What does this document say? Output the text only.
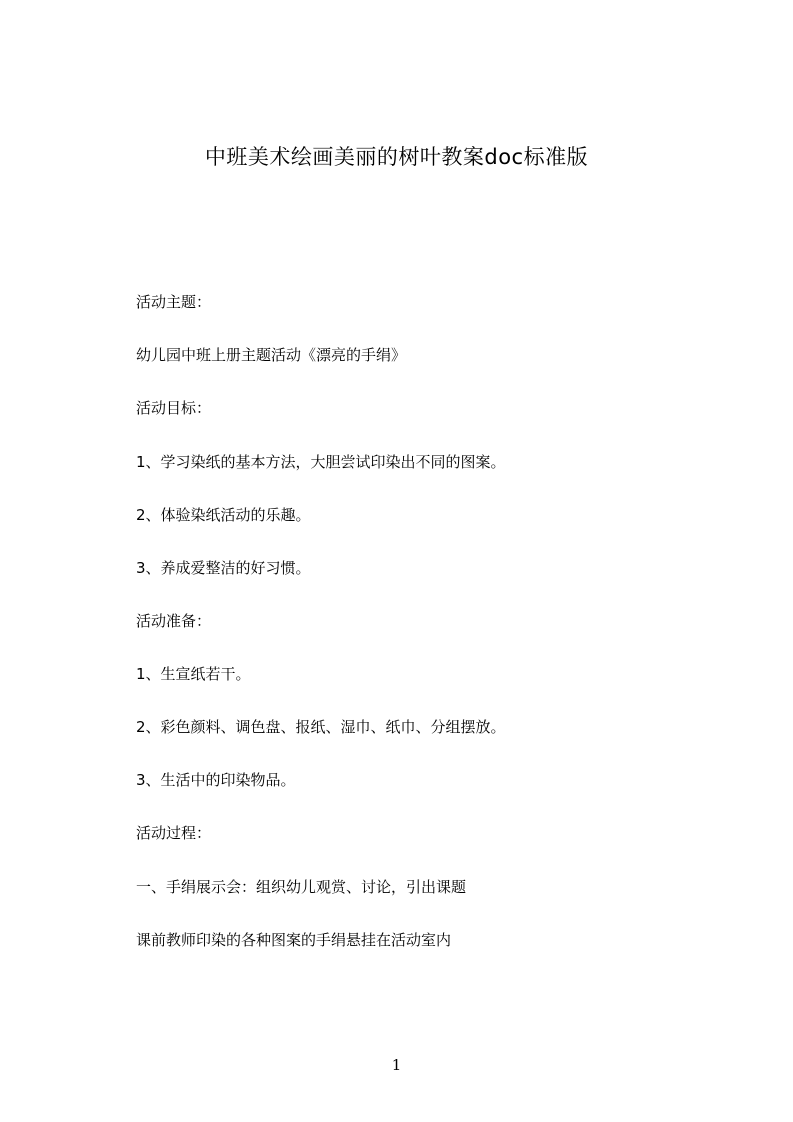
中班美术绘画美丽的树叶教案doc标准版
活动主题：
幼儿园中班上册主题活动《漂亮的手绢》
活动目标：
1、学习染纸的基本方法，大胆尝试印染出不同的图案。
2、体验染纸活动的乐趣。
3、养成爱整洁的好习惯。
活动准备：
1、生宣纸若干。
2、彩色颜料、调色盘、报纸、湿巾、纸巾、分组摆放。
3、生活中的印染物品。
活动过程：
一、手绢展示会：组织幼儿观赏、讨论，引出课题
课前教师印染的各种图案的手绢悬挂在活动室内
1
